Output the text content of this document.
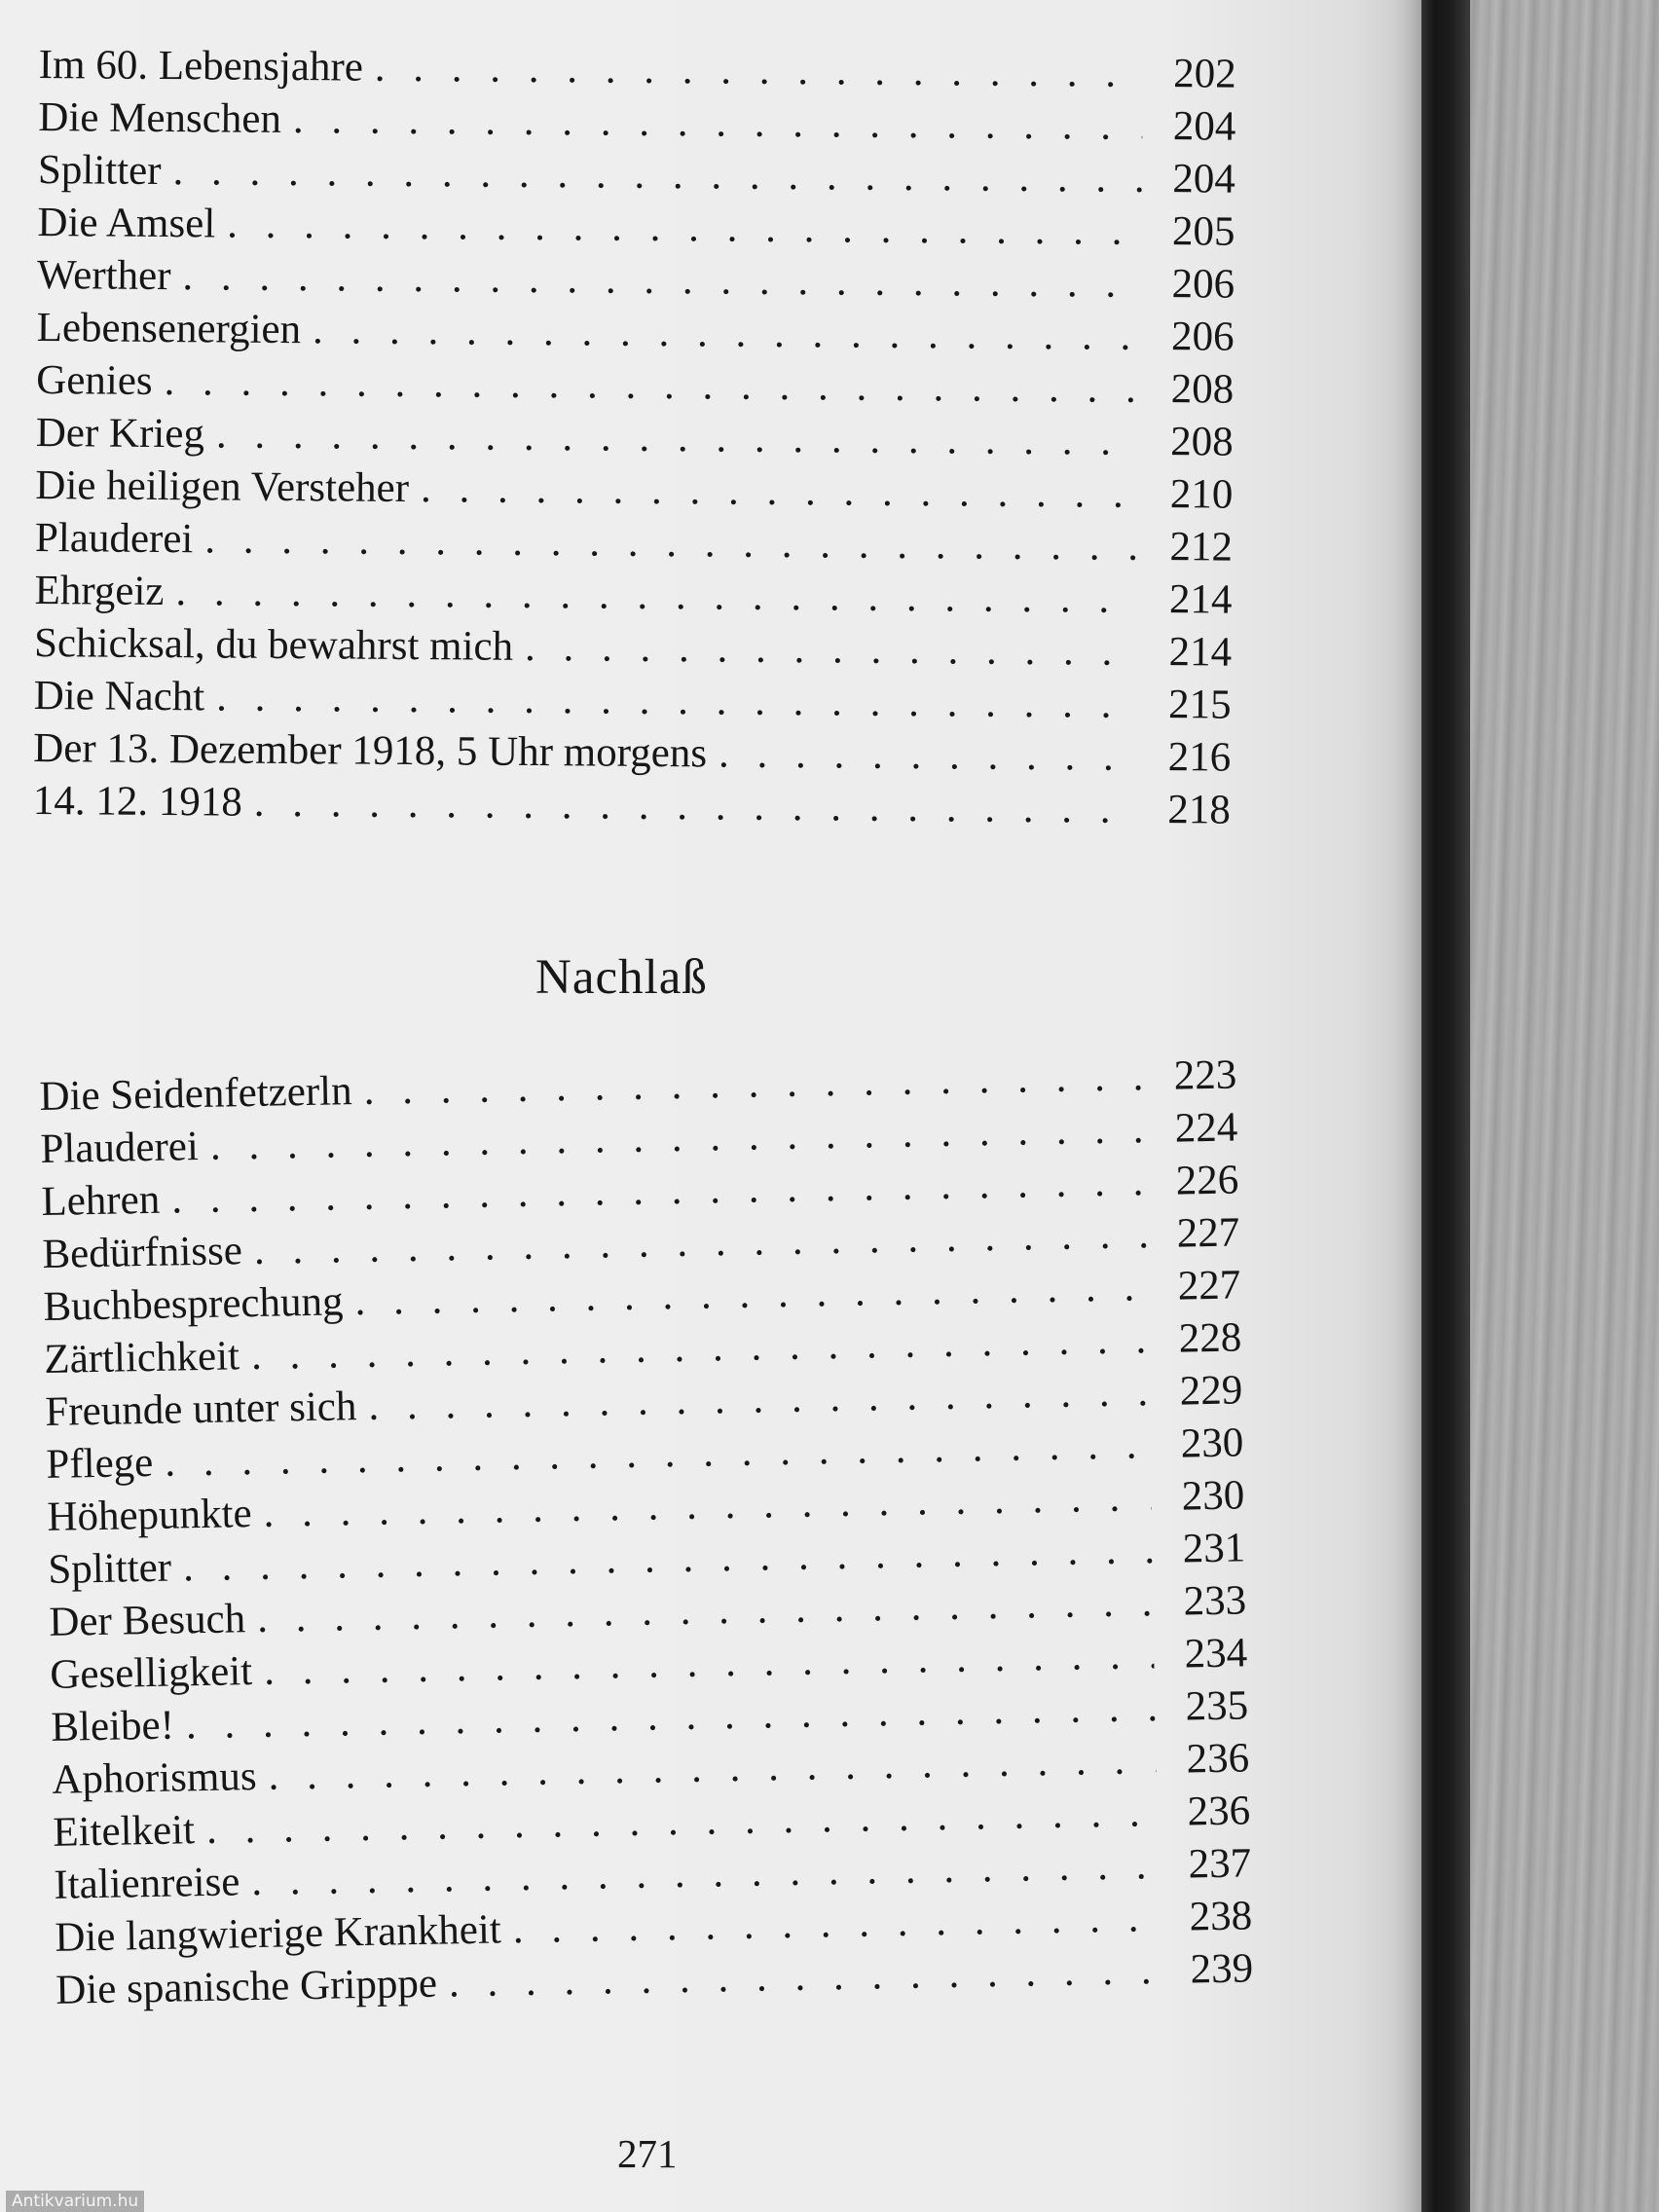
Im 60. Lebensjahre . . .	202
Die Menschen . . .	204
Splitter . . .	204
Die Amsel . . .	205
Werther . . .	206
Lebensenergien . . .	206
Genies . . .	208
Der Krieg . . .	208
Die heiligen Versteher . . .	210
Plauderei . . .	212
Ehrgeiz . . .	214
Schicksal, du bewahrst mich . . .	214
Die Nacht . . .	215
Der 13. Dezember 1918, 5 Uhr morgens . . .	216
14. 12. 1918 . . .	218
Nachlaß
Die Seidenfetzerln . . .	223
Plauderei . . .	224
Lehren . . .	226
Bedürfnisse . . .	227
Buchbesprechung . . .	227
Zärtlichkeit . . .	228
Freunde unter sich . . .	229
Pflege . . .	230
Höhepunkte . . .	230
Splitter . . .	231
Der Besuch . . .	233
Geselligkeit . . .	234
Bleibe! . . .	235
Aphorismus . . .	236
Eitelkeit . . .	236
Italienreise . . .	237
Die langwierige Krankheit . . .	238
Die spanische Gripppe . . .	239
271
Antikvarium.hu
